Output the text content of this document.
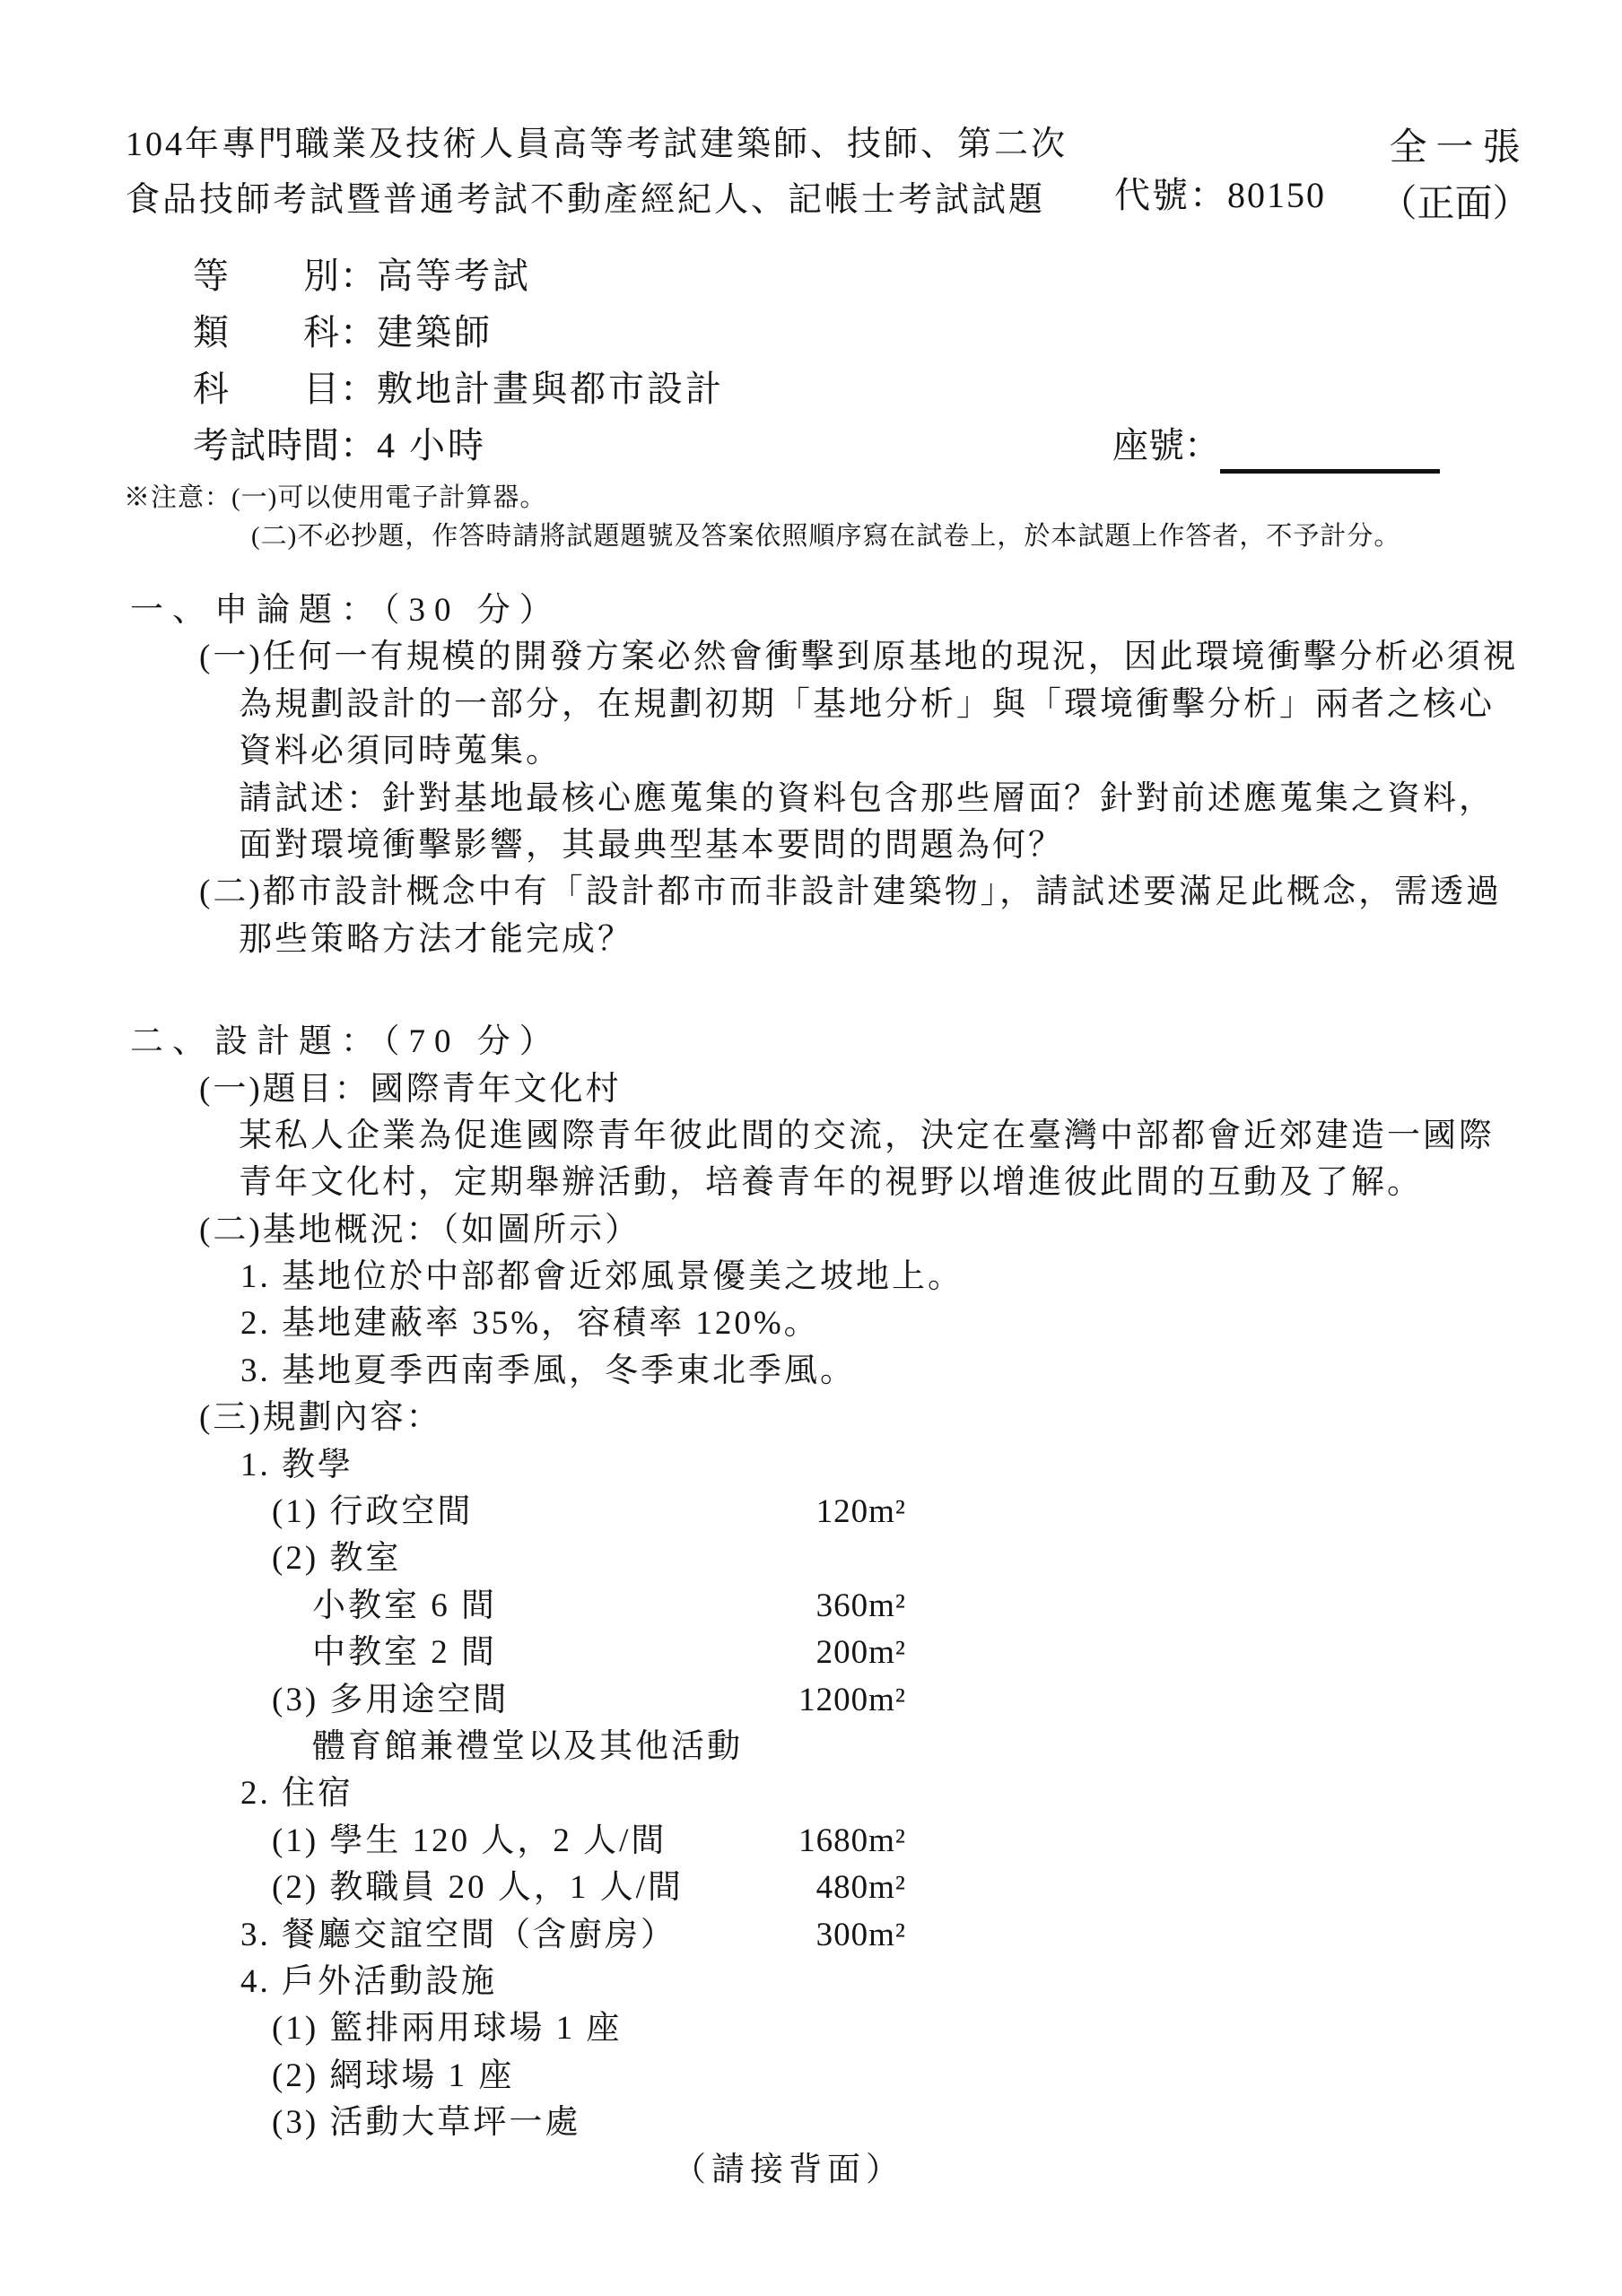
104年專門職業及技術人員高等考試建築師、技師、第二次
食品技師考試暨普通考試不動產經紀人、記帳士考試試題	代號：80150
全一張
（正面）
等　　別：高等考試
類　　科：建築師
科　　目：敷地計畫與都市設計
考試時間：4 小時	座號：
※注意：(一)可以使用電子計算器。
(二)不必抄題，作答時請將試題題號及答案依照順序寫在試卷上，於本試題上作答者，不予計分。
一、申論題：（30 分）
(一)任何一有規模的開發方案必然會衝擊到原基地的現況，因此環境衝擊分析必須視
為規劃設計的一部分，在規劃初期「基地分析」與「環境衝擊分析」兩者之核心
資料必須同時蒐集。
請試述：針對基地最核心應蒐集的資料包含那些層面？針對前述應蒐集之資料，
面對環境衝擊影響，其最典型基本要問的問題為何？
(二)都市設計概念中有「設計都市而非設計建築物」，請試述要滿足此概念，需透過
那些策略方法才能完成？
二、設計題：（70 分）
(一)題目：國際青年文化村
某私人企業為促進國際青年彼此間的交流，決定在臺灣中部都會近郊建造一國際
青年文化村，定期舉辦活動，培養青年的視野以增進彼此間的互動及了解。
(二)基地概況：（如圖所示）
1. 基地位於中部都會近郊風景優美之坡地上。
2. 基地建蔽率 35%，容積率 120%。
3. 基地夏季西南季風，冬季東北季風。
(三)規劃內容：
1. 教學
(1) 行政空間	120m²
(2) 教室
小教室 6 間	360m²
中教室 2 間	200m²
(3) 多用途空間	1200m²
體育館兼禮堂以及其他活動
2. 住宿
(1) 學生 120 人，2 人/間	1680m²
(2) 教職員 20 人，1 人/間	480m²
3. 餐廳交誼空間（含廚房）	300m²
4. 戶外活動設施
(1) 籃排兩用球場 1 座
(2) 網球場 1 座
(3) 活動大草坪一處
（請接背面）
